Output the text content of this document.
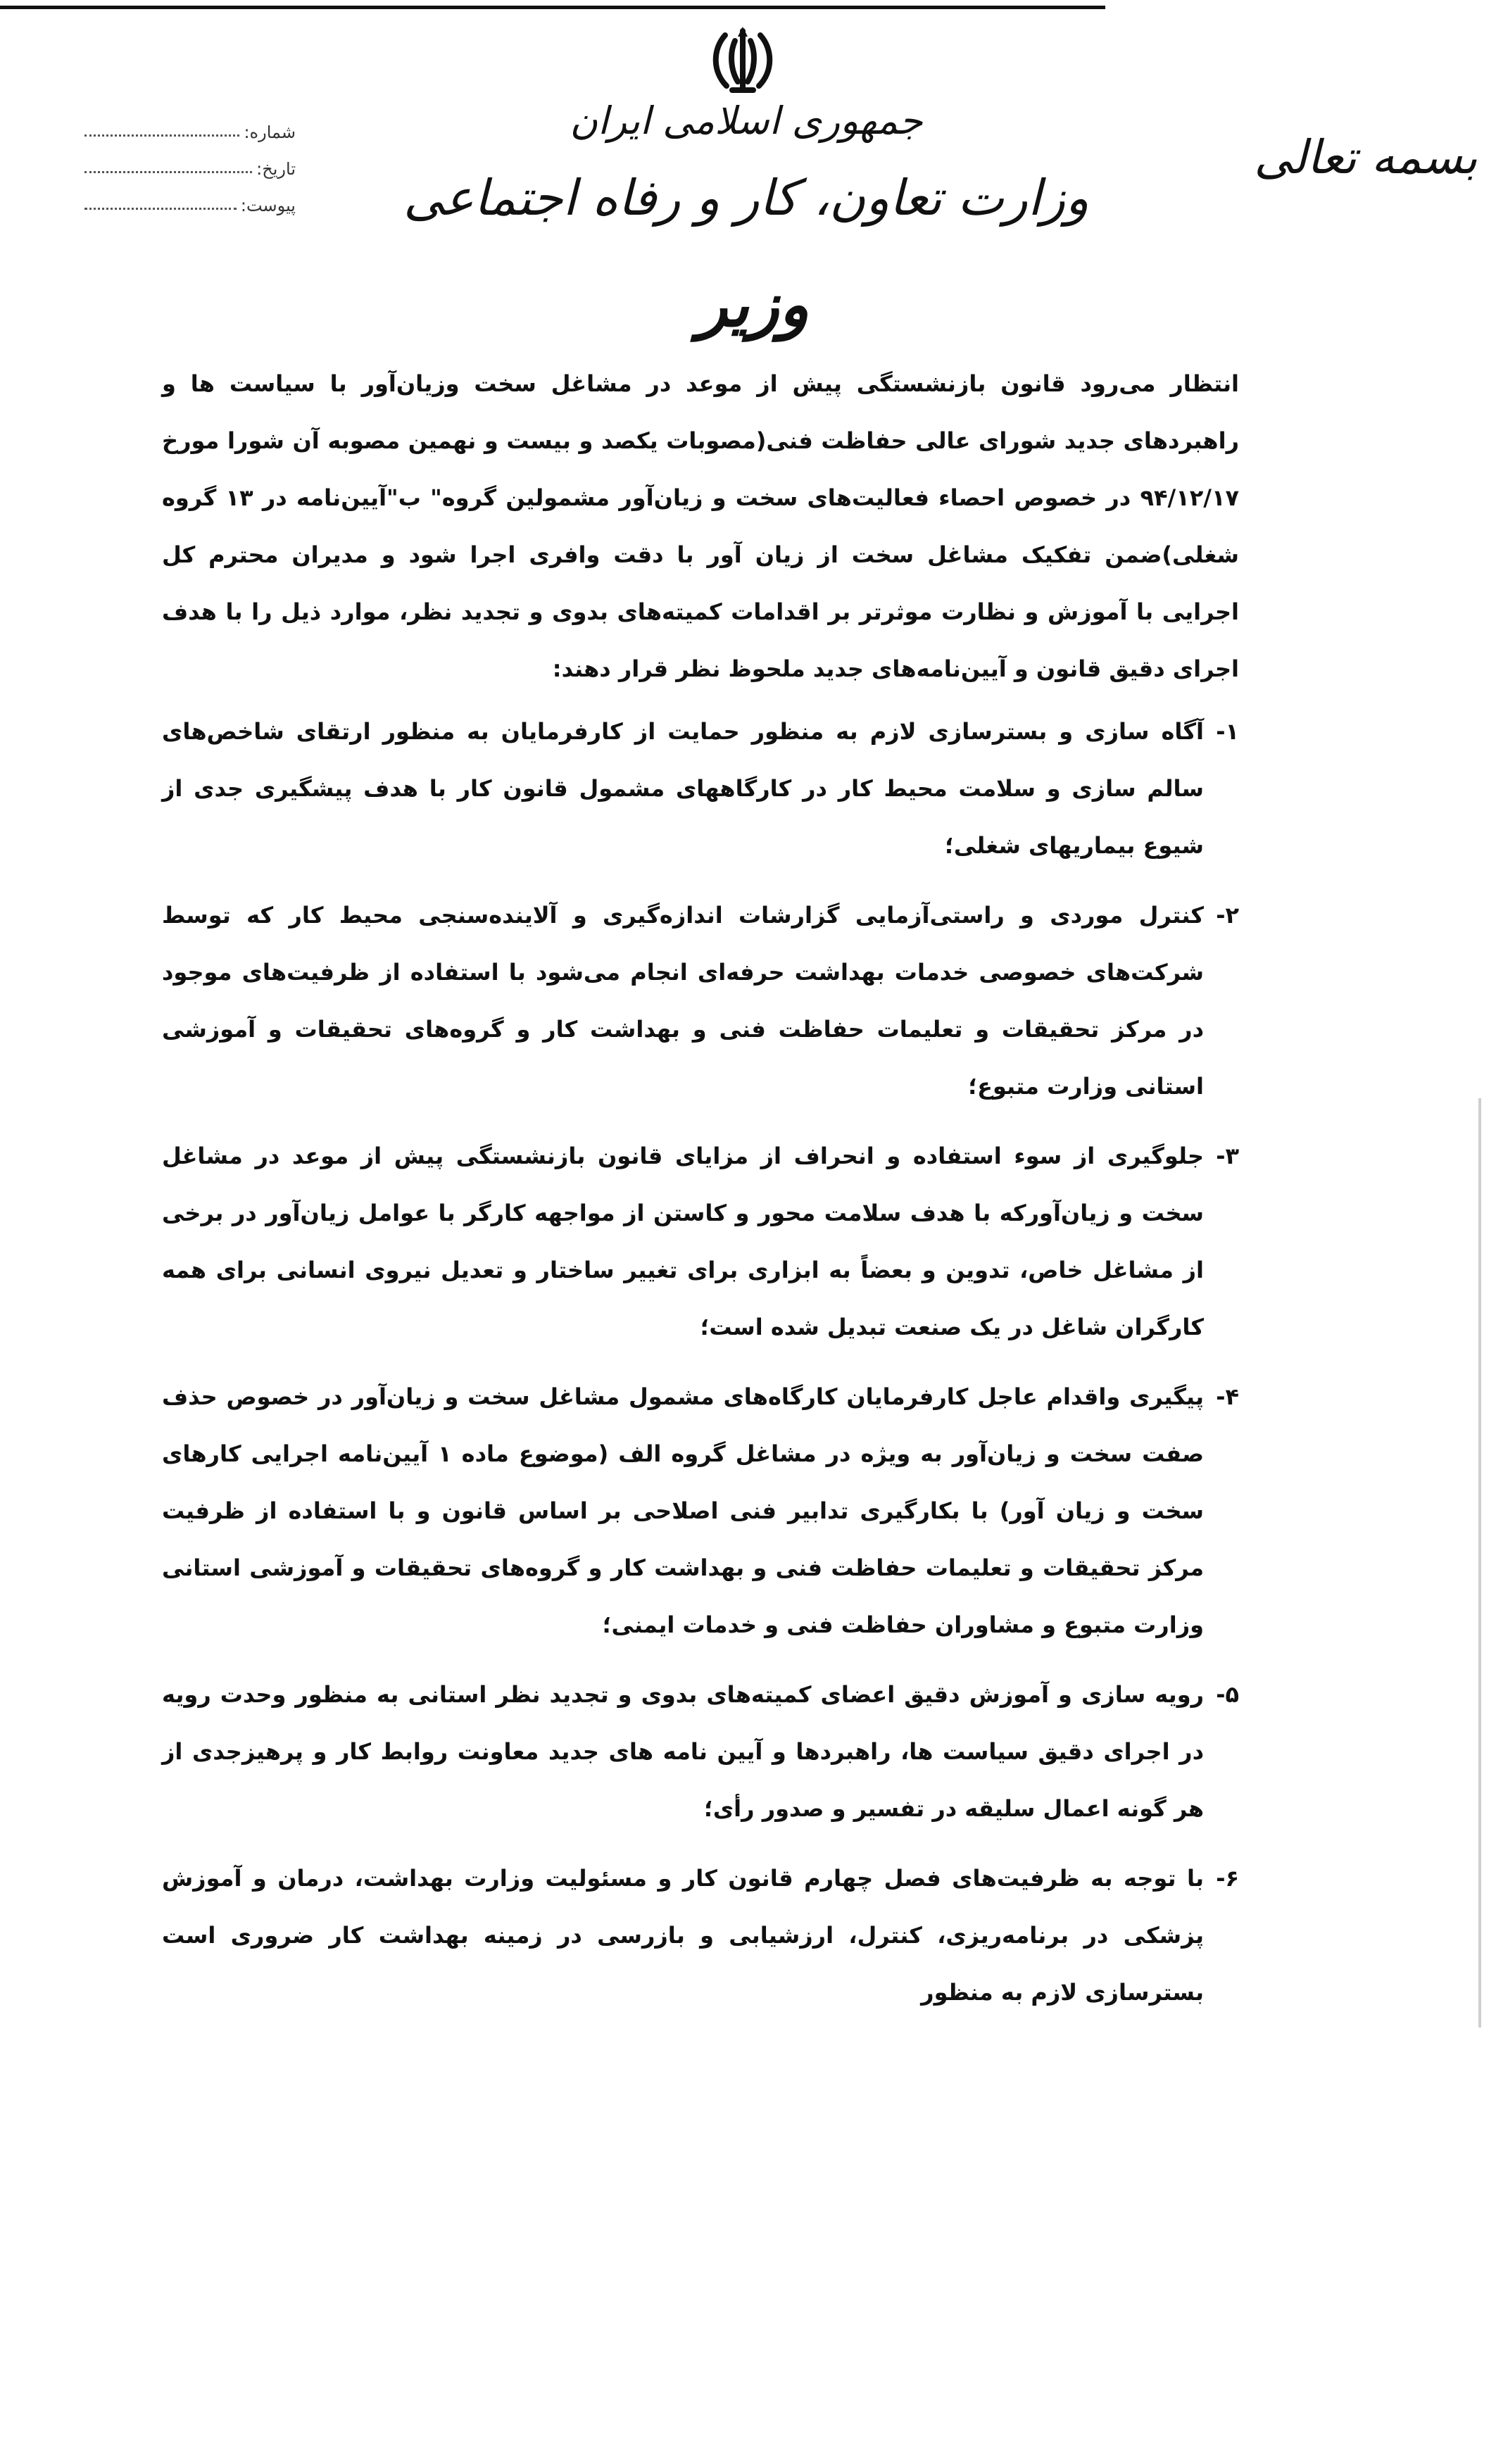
جمهوری اسلامی ایران
وزارت تعاون، کار و رفاه اجتماعی
وزیر
بسمه تعالی
شماره:
تاریخ:
پیوست:

انتظار می‌رود قانون بازنشستگی پیش از موعد در مشاغل سخت وزیان‌آور با سیاست ها و راهبردهای جدید شورای عالی حفاظت فنی(مصوبات یکصد و بیست و نهمین مصوبه آن شورا مورخ ۹۴/۱۲/۱۷ در خصوص احصاء فعالیت‌های سخت و زیان‌آور مشمولین گروه" ب"آیین‌نامه در ۱۳ گروه شغلی)ضمن تفکیک مشاغل سخت از زیان آور با دقت وافری اجرا شود و مدیران محترم کل اجرایی با آموزش و نظارت موثرتر بر اقدامات کمیته‌های بدوی و تجدید نظر، موارد ذیل را با هدف اجرای دقیق قانون و آیین‌نامه‌های جدید ملحوظ نظر قرار دهند:

۱-
آگاه سازی و بسترسازی لازم به منظور حمایت از کارفرمایان به منظور ارتقای شاخص‌های سالم سازی و سلامت محیط کار در کارگاههای مشمول قانون کار با هدف پیشگیری جدی از شیوع بیماریهای شغلی؛

۲-
کنترل موردی و راستی‌آزمایی گزارشات اندازه‌گیری و آلاینده‌سنجی محیط کار که توسط شرکت‌های خصوصی خدمات بهداشت حرفه‌ای انجام می‌شود با استفاده از ظرفیت‌های موجود در مرکز تحقیقات و تعلیمات حفاظت فنی و بهداشت کار و گروه‌های تحقیقات و آموزشی استانی وزارت متبوع؛

۳-
جلوگیری از سوء استفاده و انحراف از مزایای قانون بازنشستگی پیش از موعد در مشاغل سخت و زیان‌آورکه با هدف سلامت محور و کاستن از مواجهه کارگر با عوامل زیان‌آور در برخی از مشاغل خاص، تدوین و بعضاً به ابزاری برای تغییر ساختار و تعدیل نیروی انسانی برای همه کارگران شاغل در یک صنعت تبدیل شده است؛

۴-
پیگیری واقدام عاجل کارفرمایان کارگاه‌های مشمول مشاغل سخت و زیان‌آور در خصوص حذف صفت سخت و زیان‌آور به ویژه در مشاغل گروه الف (موضوع ماده ۱ آیین‌نامه اجرایی کارهای سخت و زیان آور) با بکارگیری تدابیر فنی اصلاحی بر اساس قانون و با استفاده از ظرفیت مرکز تحقیقات و تعلیمات حفاظت فنی و بهداشت کار و گروه‌های تحقیقات و آموزشی استانی وزارت متبوع و مشاوران حفاظت فنی و خدمات ایمنی؛

۵-
رویه سازی و آموزش دقیق اعضای کمیته‌های بدوی و تجدید نظر استانی به منظور وحدت رویه در اجرای دقیق سیاست ها، راهبردها و آیین نامه های جدید معاونت روابط کار و پرهیزجدی از هر گونه اعمال سلیقه در تفسیر و صدور رأی؛

۶-
با توجه به ظرفیت‌های فصل چهارم قانون کار و مسئولیت وزارت بهداشت، درمان و آموزش پزشکی در برنامه‌ریزی، کنترل، ارزشیابی و بازرسی در زمینه بهداشت کار ضروری است بسترسازی لازم به منظور
